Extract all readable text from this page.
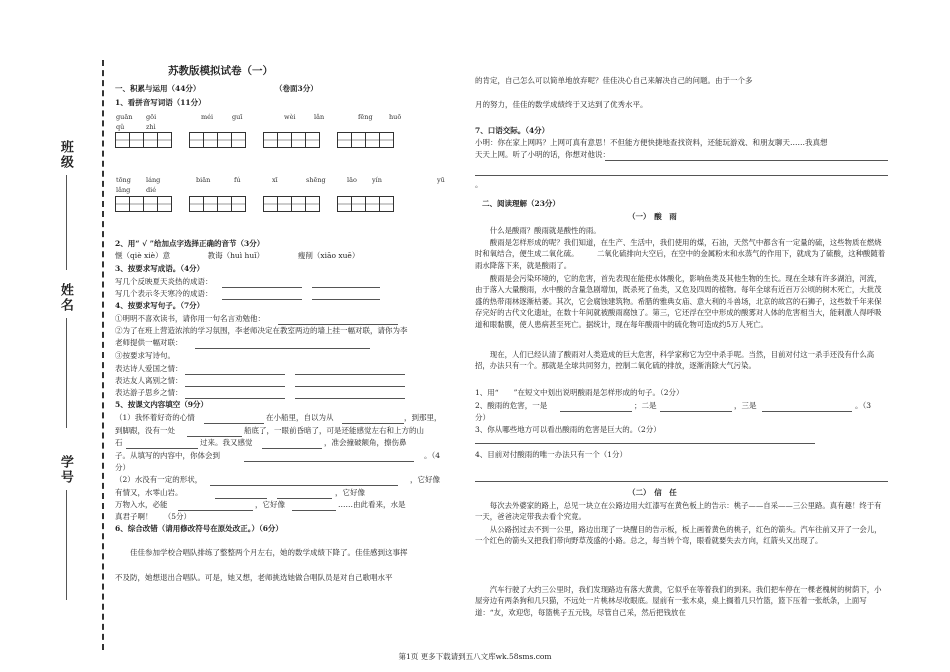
班级
姓名
学号
苏教版模拟试卷（一）
一、积累与运用（44分）	（卷面3分）
1、看拼音写词语（11分）
guān gōi	méi	guī	wèi	lǎn	fēng	huō
qǔ	zhì
tōng láng	biān	fú	xī	shēng	lāo yín	yū
lǎng dié
2、用“ √ ”给加点字选择正确的音节（3分）
惬（qiè xiè）意　　　　　教诲（huì huǐ）　　　　　瘦削（xiāo xuē）
3、按要求写成语。（4分）
写几个反映夏天炎热的成语：
写几个表示冬天寒冷的成语：
4、按要求写句子。（7分）
①明明不喜欢读书，请你用一句名言劝勉他：
②为了在班上营造浓浓的学习氛围，李老师决定在教室两边的墙上挂一幅对联，请你为李
老师提供一幅对联：
③按要求写诗句。
表达诗人爱国之情：
表达友人离别之情：
表达游子思乡之情：
5、按课文内容填空（9分）
（1）我怀着好奇的心情	在小船里，自以为从	，到那里，
到脚跟，没有一处	船底了，一眼前昏暗了，可是还能感觉左右和上方的山
石	过来。我又感觉	，准会撞破额角，擦伤鼻
子。从填写的内容中，你体会到	。（4
分）
（2）水没有一定的形状，	，它好像
有情又，水零山岩。	，它好像
万物入水，必能	，它好像	……由此看来，水是
真君子啊！　　（5分）
6、综合改错（请用修改符号在原处改正。）（6分）
佳佳参加学校合唱队排练了整整两个月左右，她的数学成绩下降了。佳佳感到这事挥
不及防，她想退出合唱队。可是，她又想，老师挑选她做合唱队员是对自己歌唱水平
的肯定，自己怎么可以简单地放弃呢？佳佳决心自己来解决自己的问题。由于一个多
月的努力，佳佳的数学成绩终于又达到了优秀水平。
7、口语交际。（4分）
小明：你在家上网吗？上网可真有意思！不但能方便快捷地查找资料，还能玩游戏、和朋友聊天……我真想
天天上网。听了小明的话，你想对他说：
。
二、阅读理解（23分）
（一）　酸　雨
什么是酸雨？酸雨就是酸性的雨。
酸雨是怎样形成的呢？我们知道，在生产、生活中，我们使用的煤，石油，天然气中都含有一定量的硫，这些物质在燃烧时和氧结合，便生成二氧化硫。　　　二氧化硫排向大空后，在空中的金属粉末和水蒸气的作用下，就成为了硫酸，这种酸随着雨水降落下来，就是酸雨了。
酸雨是会污染环境的，它的危害，首先表现在能使水体酸化，影响鱼类及其他生物的生长。现在全球有许多湖泊，河流，由于落入大量酸雨，水中酸的含量急剧增加，既杀死了鱼类，又危及四周的植物。每年全球有近百万公顷的树木死亡，大批茂盛的热带雨林逐渐枯萎。其次，它会腐蚀建筑物。希腊的雅典女庙、意大利的斗兽场，北京的故宫的石狮子，这些数千年来保存完好的古代文化遗址，在数十年间就被酸雨腐蚀了。第三，它还浮在空中形成的酸雾对人体的危害相当大，能刺激人得呼吸道和眼黏膜，使人患病甚至死亡。据统计，现在每年酸雨中的硫化物可造成约5万人死亡。
现在，人们已经认清了酸雨对人类造成的巨大危害，科学家称它为空中杀手呢。当然，目前对付这一杀手还没有什么高招，办法只有一个。那就是全球共同努力，控制二氧化硫的排放，逐渐消除大气污染。
1、用“　　”在短文中划出说明酸雨是怎样形成的句子。（2分）
2、酸雨的危害，一是	；二是	，三是	。（3
分）
3、你从哪些地方可以看出酸雨的危害是巨大的。（2分）
4、目前对付酸雨的唯一办法只有一个（1分）
（二）　信　任
每次去外婆家的路上，总见一块立在公路边用大红漆写在黄色板上的告示：桃子——自采——三公里路。真有趣！终于有一天，爸爸决定带我去看个究竟。
从公路拐过去不到一公里，路边出现了一块醒目的告示板，板上画着黄色的桃子，红色的箭头。汽车往前又开了一会儿，一个红色的箭头又把我们带向野草茂盛的小路。总之，每当转个弯，眼看就要失去方向，红箭头又出现了。
汽车行驶了大约三公里时，我们发现路边有落大黄黄，它似乎在等着我们的到来。我们把车停在一棵老槐树的树荫下，小屋旁边有两条狗和几只猫，不远处一片桃林尽收眼底。屋前有一张木桌，桌上搁着几只竹篮，篮下压着一张纸条，上面写道：“友，欢迎您，每篮桃子五元钱，尽管自己采，然后把钱放在
第1页 更多下载请到五八文库wk.58sms.com
